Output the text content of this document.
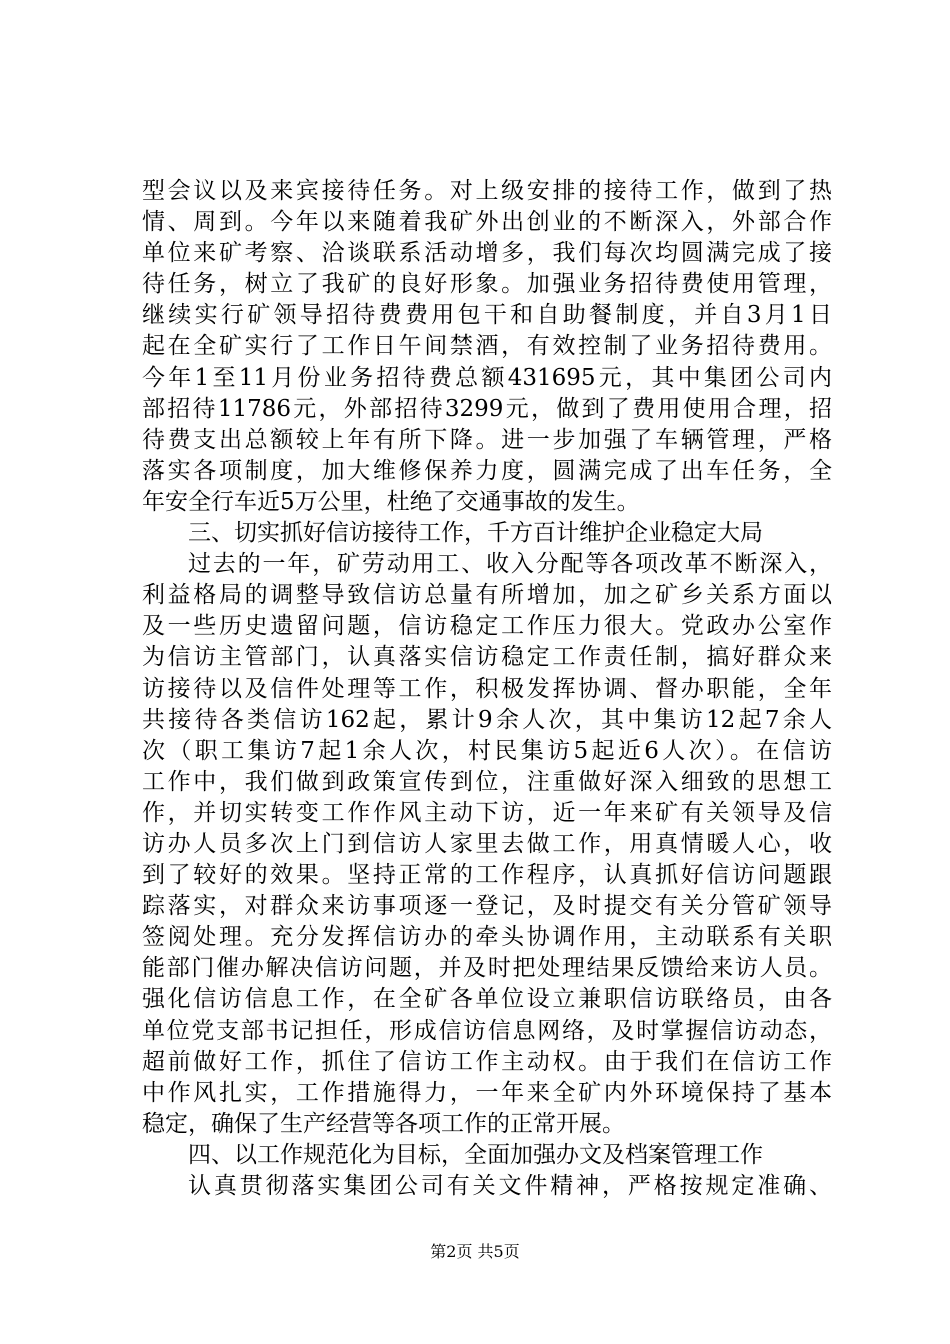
型会议以及来宾接待任务。对上级安排的接待工作，做到了热
情、周到。今年以来随着我矿外出创业的不断深入，外部合作
单位来矿考察、洽谈联系活动增多，我们每次均圆满完成了接
待任务，树立了我矿的良好形象。加强业务招待费使用管理，
继续实行矿领导招待费费用包干和自助餐制度，并自3月1日
起在全矿实行了工作日午间禁酒，有效控制了业务招待费用。
今年1至11月份业务招待费总额431695元，其中集团公司内
部招待11786元，外部招待3299元，做到了费用使用合理，招
待费支出总额较上年有所下降。进一步加强了车辆管理，严格
落实各项制度，加大维修保养力度，圆满完成了出车任务，全
年安全行车近5万公里，杜绝了交通事故的发生。
三、切实抓好信访接待工作，千方百计维护企业稳定大局
过去的一年，矿劳动用工、收入分配等各项改革不断深入，
利益格局的调整导致信访总量有所增加，加之矿乡关系方面以
及一些历史遗留问题，信访稳定工作压力很大。党政办公室作
为信访主管部门，认真落实信访稳定工作责任制，搞好群众来
访接待以及信件处理等工作，积极发挥协调、督办职能，全年
共接待各类信访162起，累计9余人次，其中集访12起7余人
次（职工集访7起1余人次，村民集访5起近6人次）。在信访
工作中，我们做到政策宣传到位，注重做好深入细致的思想工
作，并切实转变工作作风主动下访，近一年来矿有关领导及信
访办人员多次上门到信访人家里去做工作，用真情暖人心，收
到了较好的效果。坚持正常的工作程序，认真抓好信访问题跟
踪落实，对群众来访事项逐一登记，及时提交有关分管矿领导
签阅处理。充分发挥信访办的牵头协调作用，主动联系有关职
能部门催办解决信访问题，并及时把处理结果反馈给来访人员。
强化信访信息工作，在全矿各单位设立兼职信访联络员，由各
单位党支部书记担任，形成信访信息网络，及时掌握信访动态，
超前做好工作，抓住了信访工作主动权。由于我们在信访工作
中作风扎实，工作措施得力，一年来全矿内外环境保持了基本
稳定，确保了生产经营等各项工作的正常开展。
四、以工作规范化为目标，全面加强办文及档案管理工作
认真贯彻落实集团公司有关文件精神，严格按规定准确、
第2页 共5页
